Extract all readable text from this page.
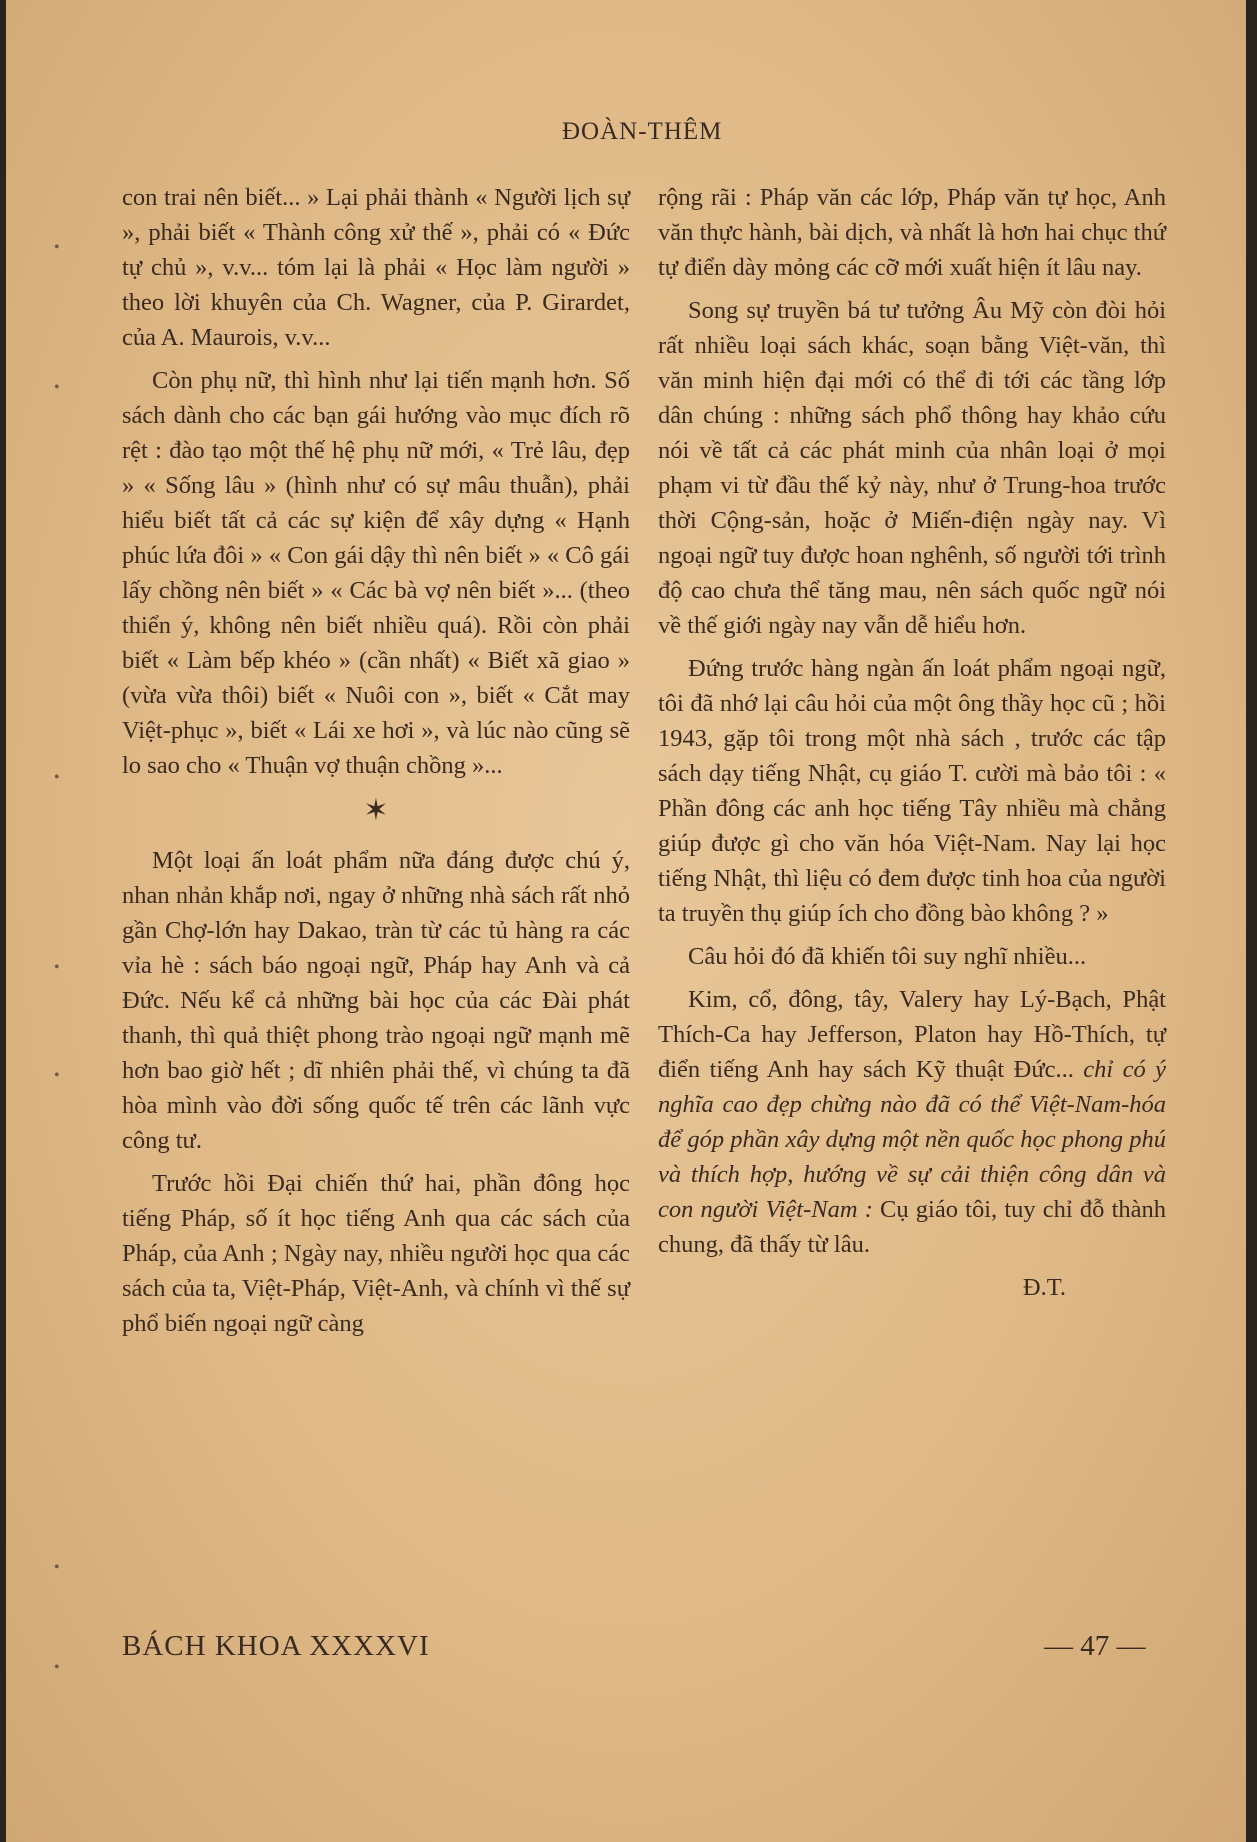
•
•
•
•
•
•
•
ĐOÀN-THÊM

con trai nên biết... » Lại phải thành « Người lịch sự », phải biết « Thành công xử thế », phải có « Đức tự chủ », v.v... tóm lại là phải « Học làm người » theo lời khuyên của Ch. Wagner, của P. Girardet, của A. Maurois, v.v...

Còn phụ nữ, thì hình như lại tiến mạnh hơn. Số sách dành cho các bạn gái hướng vào mục đích rõ rệt : đào tạo một thế hệ phụ nữ mới, « Trẻ lâu, đẹp » « Sống lâu » (hình như có sự mâu thuẫn), phải hiểu biết tất cả các sự kiện để xây dựng « Hạnh phúc lứa đôi » « Con gái dậy thì nên biết » « Cô gái lấy chồng nên biết » « Các bà vợ nên biết »... (theo thiển ý, không nên biết nhiều quá). Rồi còn phải biết « Làm bếp khéo » (cần nhất) « Biết xã giao » (vừa vừa thôi) biết « Nuôi con », biết « Cắt may Việt-phục », biết « Lái xe hơi », và lúc nào cũng sẽ lo sao cho « Thuận vợ thuận chồng »...

✶

Một loại ấn loát phẩm nữa đáng được chú ý, nhan nhản khắp nơi, ngay ở những nhà sách rất nhỏ gần Chợ-lớn hay Dakao, tràn từ các tủ hàng ra các vỉa hè : sách báo ngoại ngữ, Pháp hay Anh và cả Đức. Nếu kể cả những bài học của các Đài phát thanh, thì quả thiệt phong trào ngoại ngữ mạnh mẽ hơn bao giờ hết ; dĩ nhiên phải thế, vì chúng ta đã hòa mình vào đời sống quốc tế trên các lãnh vực công tư.

Trước hồi Đại chiến thứ hai, phần đông học tiếng Pháp, số ít học tiếng Anh qua các sách của Pháp, của Anh ; Ngày nay, nhiều người học qua các sách của ta, Việt-Pháp, Việt-Anh, và chính vì thế sự phổ biến ngoại ngữ càng

rộng rãi : Pháp văn các lớp, Pháp văn tự học, Anh văn thực hành, bài dịch, và nhất là hơn hai chục thứ tự điển dày mỏng các cỡ mới xuất hiện ít lâu nay.

Song sự truyền bá tư tưởng Âu Mỹ còn đòi hỏi rất nhiều loại sách khác, soạn bằng Việt-văn, thì văn minh hiện đại mới có thể đi tới các tầng lớp dân chúng : những sách phổ thông hay khảo cứu nói về tất cả các phát minh của nhân loại ở mọi phạm vi từ đầu thế kỷ này, như ở Trung-hoa trước thời Cộng-sản, hoặc ở Miến-điện ngày nay. Vì ngoại ngữ tuy được hoan nghênh, số người tới trình độ cao chưa thể tăng mau, nên sách quốc ngữ nói về thế giới ngày nay vẫn dễ hiểu hơn.

Đứng trước hàng ngàn ấn loát phẩm ngoại ngữ, tôi đã nhớ lại câu hỏi của một ông thầy học cũ ; hồi 1943, gặp tôi trong một nhà sách , trước các tập sách dạy tiếng Nhật, cụ giáo T. cười mà bảo tôi : « Phần đông các anh học tiếng Tây nhiều mà chẳng giúp được gì cho văn hóa Việt-Nam. Nay lại học tiếng Nhật, thì liệu có đem được tinh hoa của người ta truyền thụ giúp ích cho đồng bào không ? »

Câu hỏi đó đã khiến tôi suy nghĩ nhiều...

Kim, cổ, đông, tây, Valery hay Lý-Bạch, Phật Thích-Ca hay Jefferson, Platon hay Hồ-Thích, tự điển tiếng Anh hay sách Kỹ thuật Đức... chỉ có ý nghĩa cao đẹp chừng nào đã có thể Việt-Nam-hóa để góp phần xây dựng một nền quốc học phong phú và thích hợp, hướng về sự cải thiện công dân và con người Việt-Nam : Cụ giáo tôi, tuy chỉ đỗ thành chung, đã thấy từ lâu.

Đ.T.

BÁCH KHOA XXXXVI	— 47 —
